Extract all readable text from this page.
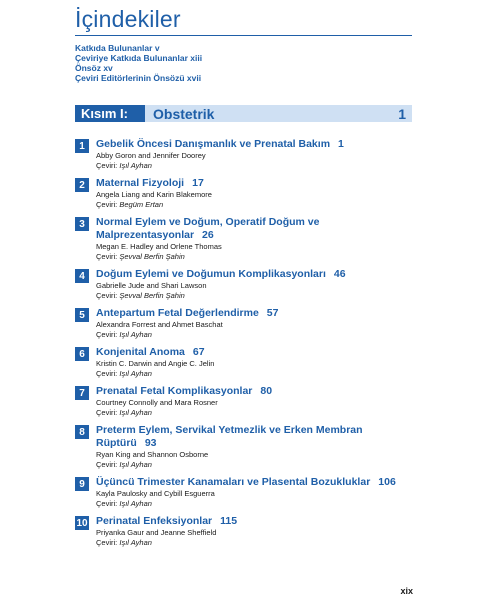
İçindekiler
Katkıda Bulunanlar v
Çeviriye Katkıda Bulunanlar xiii
Önsöz xv
Çeviri Editörlerinin Önsözü xvii
Kısım I:	Obstetrik	1
1	Gebelik Öncesi Danışmanlık ve Prenatal Bakım 1
Abby Goron and Jennifer Doorey
Çeviri: Işıl Ayhan
2	Maternal Fizyoloji 17
Angela Liang and Karin Blakemore
Çeviri: Begüm Ertan
3	Normal Eylem ve Doğum, Operatif Doğum ve Malprezentasyonlar 26
Megan E. Hadley and Orlene Thomas
Çeviri: Şevval Berfin Şahin
4	Doğum Eylemi ve Doğumun Komplikasyonları 46
Gabrielle Jude and Shari Lawson
Çeviri: Şevval Berfin Şahin
5	Antepartum Fetal Değerlendirme 57
Alexandra Forrest and Ahmet Baschat
Çeviri: Işıl Ayhan
6	Konjenital Anoma 67
Kristin C. Darwin and Angie C. Jelin
Çeviri: Işıl Ayhan
7	Prenatal Fetal Komplikasyonlar 80
Courtney Connolly and Mara Rosner
Çeviri: Işıl Ayhan
8	Preterm Eylem, Servikal Yetmezlik ve Erken Membran Rüptürü 93
Ryan King and Shannon Osborne
Çeviri: Işıl Ayhan
9	Üçüncü Trimester Kanamaları ve Plasental Bozukluklar 106
Kayla Paulosky and Cybill Esguerra
Çeviri: Işıl Ayhan
10 Perinatal Enfeksiyonlar 115
Priyanka Gaur and Jeanne Sheffield
Çeviri: Işıl Ayhan
xix
